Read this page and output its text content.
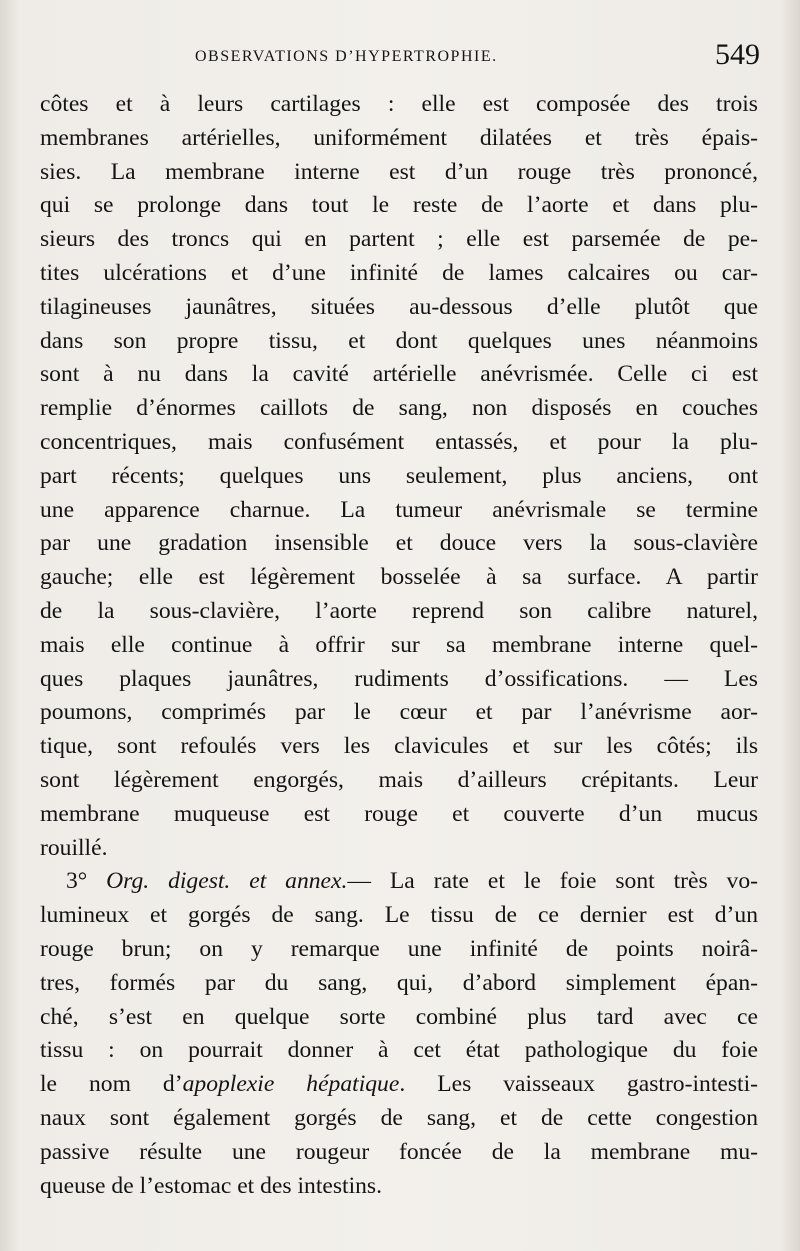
OBSERVATIONS D’HYPERTROPHIE.	549
côtes et à leurs cartilages : elle est composée des trois
membranes artérielles, uniformément dilatées et très épais-
sies. La membrane interne est d’un rouge très prononcé,
qui se prolonge dans tout le reste de l’aorte et dans plu-
sieurs des troncs qui en partent ; elle est parsemée de pe-
tites ulcérations et d’une infinité de lames calcaires ou car-
tilagineuses jaunâtres, situées au-dessous d’elle plutôt que
dans son propre tissu, et dont quelques unes néanmoins
sont à nu dans la cavité artérielle anévrismée. Celle ci est
remplie d’énormes caillots de sang, non disposés en couches
concentriques, mais confusément entassés, et pour la plu-
part récents; quelques uns seulement, plus anciens, ont
une apparence charnue. La tumeur anévrismale se termine
par une gradation insensible et douce vers la sous-clavière
gauche; elle est légèrement bosselée à sa surface. A partir
de la sous-clavière, l’aorte reprend son calibre naturel,
mais elle continue à offrir sur sa membrane interne quel-
ques plaques jaunâtres, rudiments d’ossifications. — Les
poumons, comprimés par le cœur et par l’anévrisme aor-
tique, sont refoulés vers les clavicules et sur les côtés; ils
sont légèrement engorgés, mais d’ailleurs crépitants. Leur
membrane muqueuse est rouge et couverte d’un mucus
rouillé.
3° Org. digest. et annex.— La rate et le foie sont très vo-
lumineux et gorgés de sang. Le tissu de ce dernier est d’un
rouge brun; on y remarque une infinité de points noirâ-
tres, formés par du sang, qui, d’abord simplement épan-
ché, s’est en quelque sorte combiné plus tard avec ce
tissu : on pourrait donner à cet état pathologique du foie
le nom d’apoplexie hépatique. Les vaisseaux gastro-intesti-
naux sont également gorgés de sang, et de cette congestion
passive résulte une rougeur foncée de la membrane mu-
queuse de l’estomac et des intestins.
